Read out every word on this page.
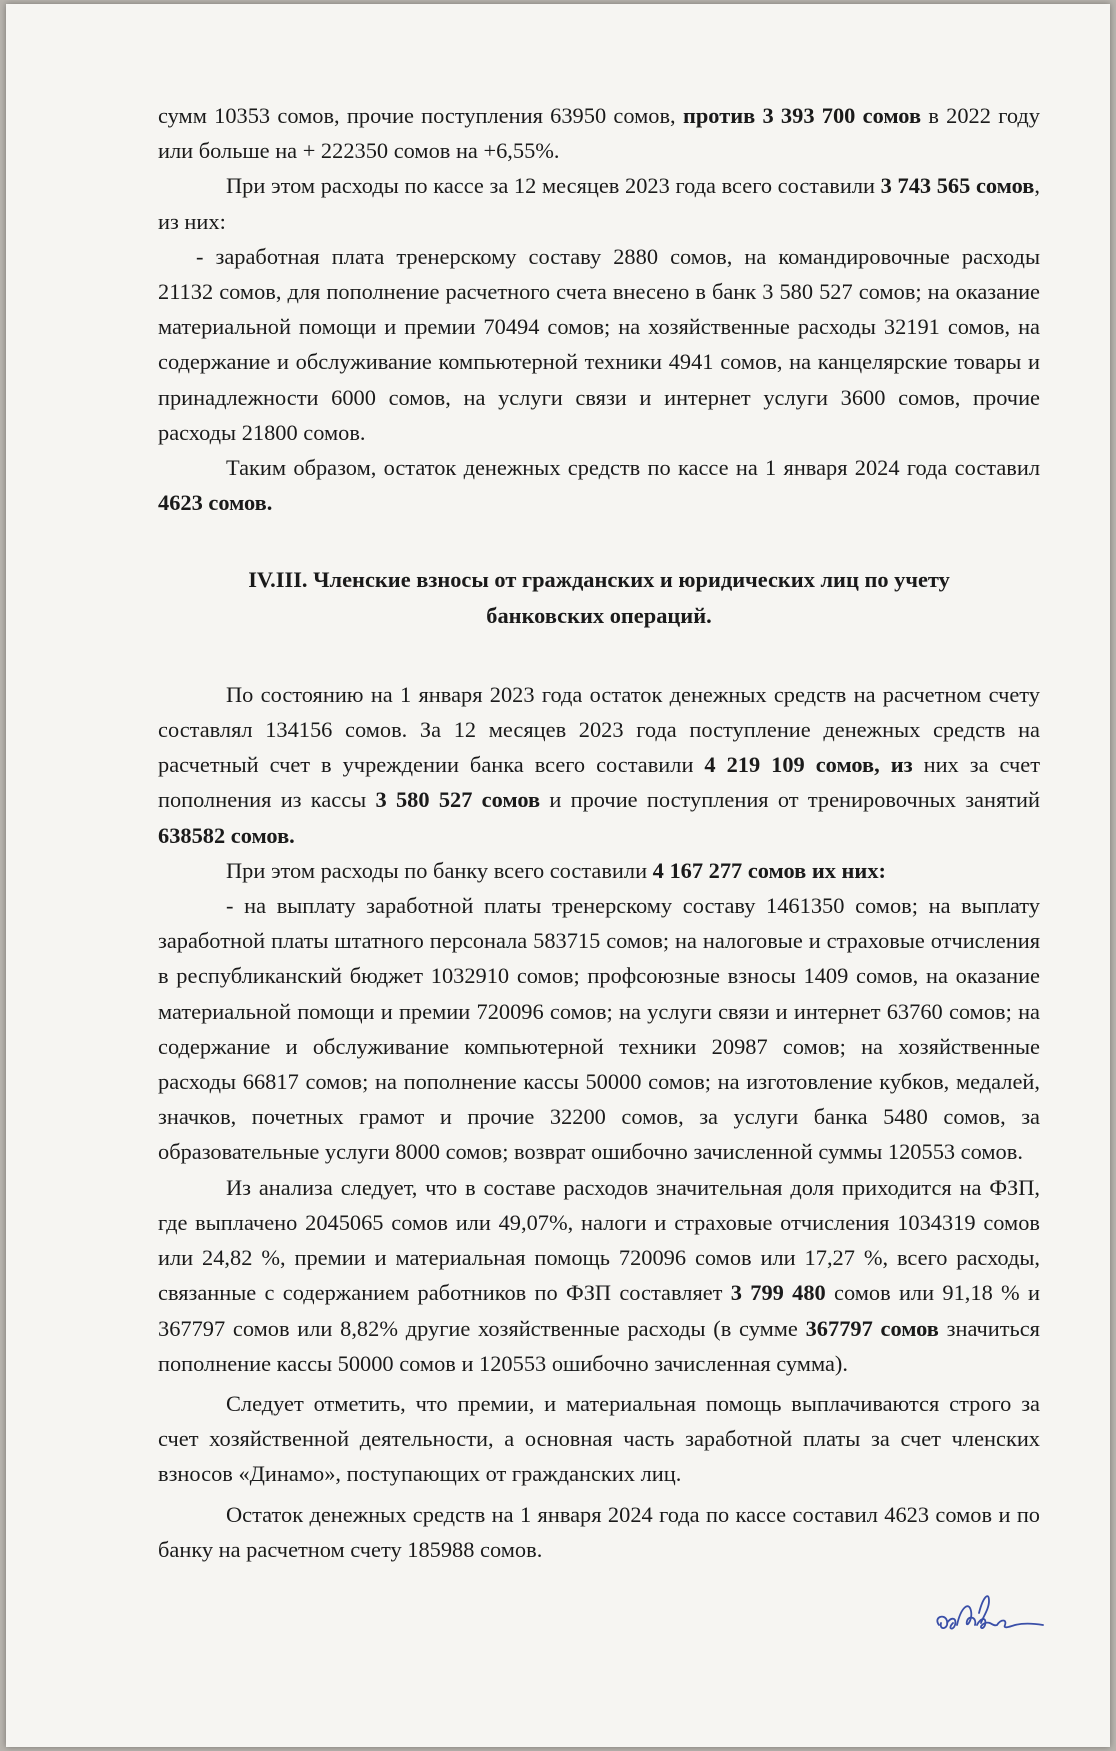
сумм 10353 сомов, прочие поступления 63950 сомов, против 3 393 700 сомов в 2022 году или больше на + 222350 сомов на +6,55%.

При этом расходы по кассе за 12 месяцев 2023 года всего составили 3 743 565 сомов, из них:

- заработная плата тренерскому составу 2880 сомов, на командировочные расходы 21132 сомов, для пополнение расчетного счета внесено в банк 3 580 527 сомов; на оказание материальной помощи и премии 70494 сомов; на хозяйственные расходы 32191 сомов, на содержание и обслуживание компьютерной техники 4941 сомов, на канцелярские товары и принадлежности 6000 сомов, на услуги связи и интернет услуги 3600 сомов, прочие расходы 21800 сомов.

Таким образом, остаток денежных средств по кассе на 1 января 2024 года составил 4623 сомов.

IV.III. Членские взносы от гражданских и юридических лиц по учету банковских операций.

По состоянию на 1 января 2023 года остаток денежных средств на расчетном счету составлял 134156 сомов. За 12 месяцев 2023 года поступление денежных средств на расчетный счет в учреждении банка всего составили 4 219 109 сомов, из них за счет пополнения из кассы 3 580 527 сомов и прочие поступления от тренировочных занятий 638582 сомов.

При этом расходы по банку всего составили 4 167 277 сомов их них:

- на выплату заработной платы тренерскому составу 1461350 сомов; на выплату заработной платы штатного персонала 583715 сомов; на налоговые и страховые отчисления в республиканский бюджет 1032910 сомов; профсоюзные взносы 1409 сомов, на оказание материальной помощи и премии 720096 сомов; на услуги связи и интернет 63760 сомов; на содержание и обслуживание компьютерной техники 20987 сомов; на хозяйственные расходы 66817 сомов; на пополнение кассы 50000 сомов; на изготовление кубков, медалей, значков, почетных грамот и прочие 32200 сомов, за услуги банка 5480 сомов, за образовательные услуги 8000 сомов; возврат ошибочно зачисленной суммы 120553 сомов.

Из анализа следует, что в составе расходов значительная доля приходится на ФЗП, где выплачено 2045065 сомов или 49,07%, налоги и страховые отчисления 1034319 сомов или 24,82 %, премии и материальная помощь 720096 сомов или 17,27 %, всего расходы, связанные с содержанием работников по ФЗП составляет 3 799 480 сомов или 91,18 % и 367797 сомов или 8,82% другие хозяйственные расходы (в сумме 367797 сомов значиться пополнение кассы 50000 сомов и 120553 ошибочно зачисленная сумма).

Следует отметить, что премии, и материальная помощь выплачиваются строго за счет хозяйственной деятельности, а основная часть заработной платы за счет членских взносов «Динамо», поступающих от гражданских лиц.

Остаток денежных средств на 1 января 2024 года по кассе составил 4623 сомов и по банку на расчетном счету 185988 сомов.
